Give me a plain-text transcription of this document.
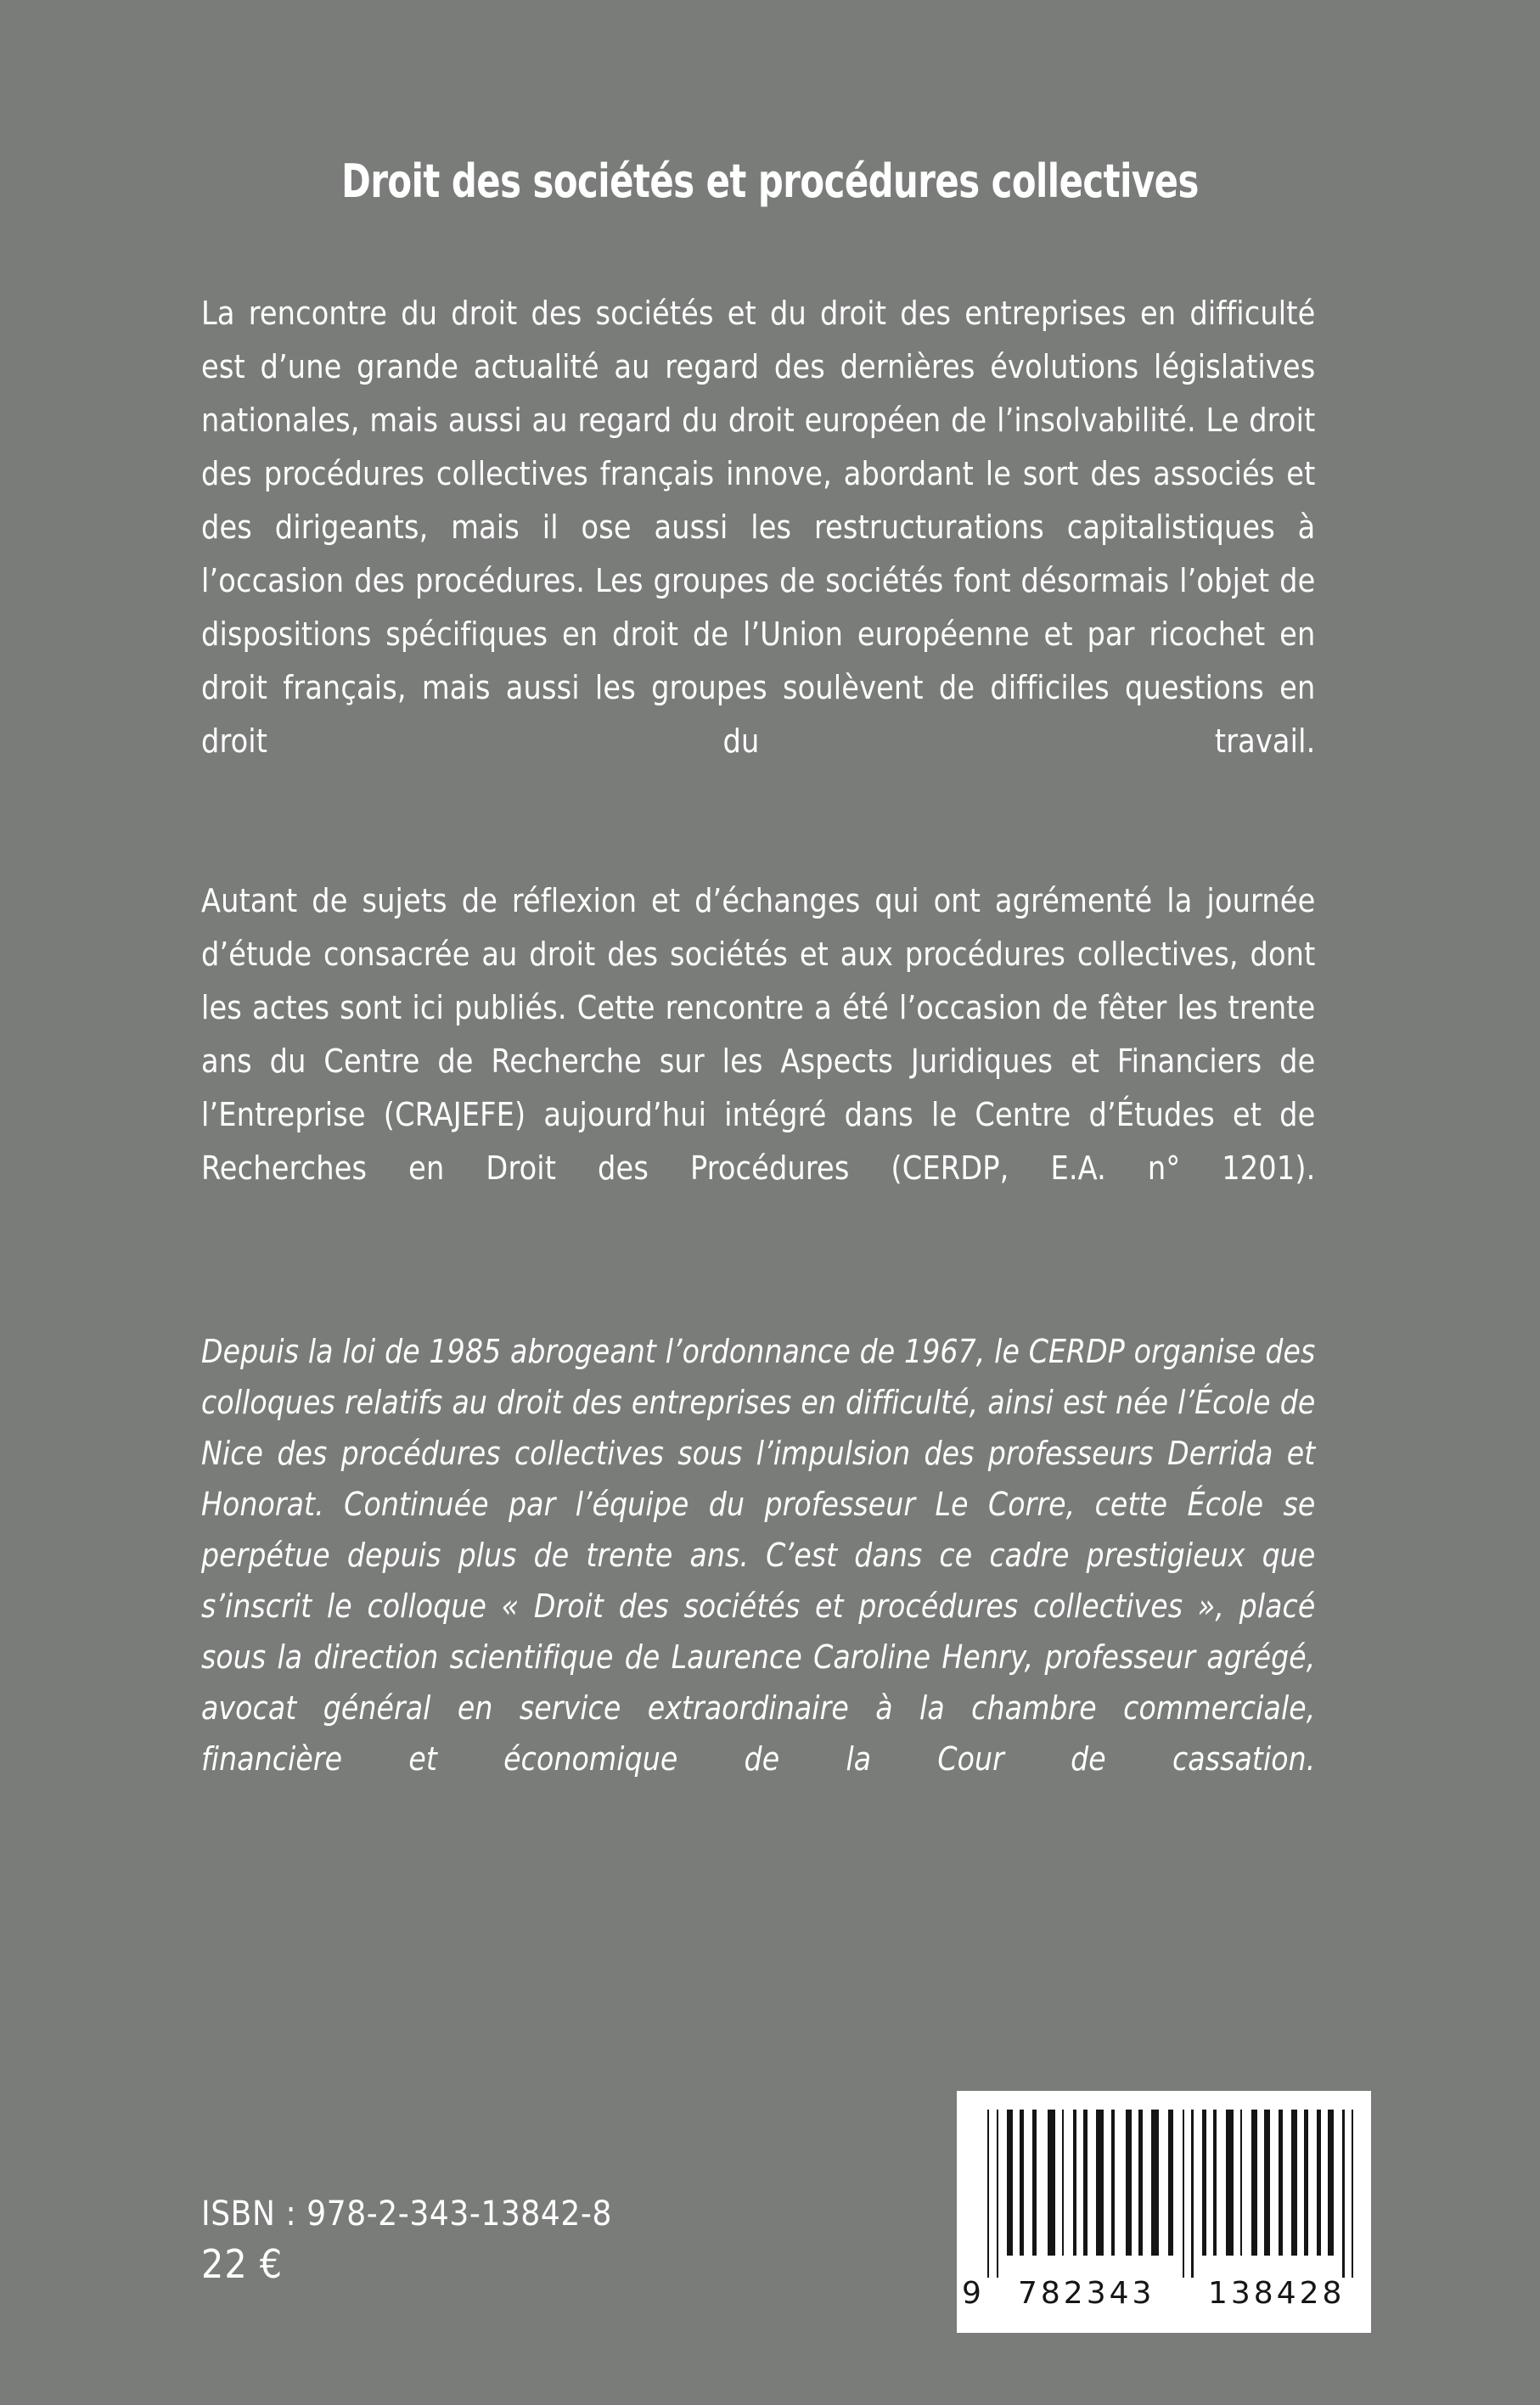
Droit des sociétés et procédures collectives

La rencontre du droit des sociétés et du droit des entreprises en difficulté est d’une grande actualité au regard des dernières évolutions législatives nationales, mais aussi au regard du droit européen de l’insolvabilité. Le droit des procédures collectives français innove, abordant le sort des associés et des dirigeants, mais il ose aussi les restructurations capitalistiques à l’occasion des procédures. Les groupes de sociétés font désormais l’objet de dispositions spécifiques en droit de l’Union européenne et par ricochet en droit français, mais aussi les groupes soulèvent de difficiles questions en droit du travail.

Autant de sujets de réflexion et d’échanges qui ont agrémenté la journée d’étude consacrée au droit des sociétés et aux procédures collectives, dont les actes sont ici publiés. Cette rencontre a été l’occasion de fêter les trente ans du Centre de Recherche sur les Aspects Juridiques et Financiers de l’Entreprise (CRAJEFE) aujourd’hui intégré dans le Centre d’Études et de Recherches en Droit des Procédures (CERDP, E.A. n° 1201).

Depuis la loi de 1985 abrogeant l’ordonnance de 1967, le CERDP organise des colloques relatifs au droit des entreprises en difficulté, ainsi est née l’École de Nice des procédures collectives sous l’impulsion des professeurs Derrida et Honorat. Continuée par l’équipe du professeur Le Corre, cette École se perpétue depuis plus de trente ans. C’est dans ce cadre prestigieux que s’inscrit le colloque « Droit des sociétés et procédures collectives », placé sous la direction scientifique de Laurence Caroline Henry, professeur agrégé, avocat général en service extraordinaire à la chambre commerciale, financière et économique de la Cour de cassation.

ISBN : 978-2-343-13842-8
22 €
9 782343 138428
